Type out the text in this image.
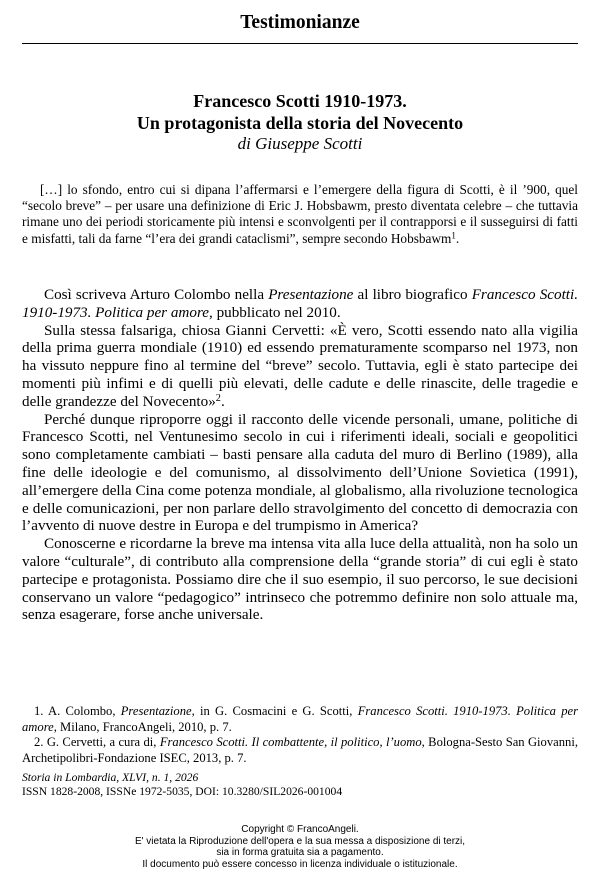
Testimonianze
Francesco Scotti 1910-1973.
Un protagonista della storia del Novecento
di Giuseppe Scotti

[…] lo sfondo, entro cui si dipana l’affermarsi e l’emergere della figura di Scotti, è il ’900, quel “secolo breve” – per usare una definizione di Eric J. Hobsbawm, presto diventata celebre – che tuttavia rimane uno dei periodi storicamente più intensi e sconvolgenti per il contrapporsi e il susseguirsi di fatti e misfatti, tali da farne “l’era dei grandi cataclismi”, sempre secondo Hobsbawm$^1$.

Così scriveva Arturo Colombo nella Presentazione al libro biografico Francesco Scotti. 1910-1973. Politica per amore, pubblicato nel 2010.

Sulla stessa falsariga, chiosa Gianni Cervetti: «È vero, Scotti essendo nato alla vigilia della prima guerra mondiale (1910) ed essendo prematuramente scomparso nel 1973, non ha vissuto neppure fino al termine del “breve” secolo. Tuttavia, egli è stato partecipe dei momenti più infimi e di quelli più elevati, delle cadute e delle rinascite, delle tragedie e delle grandezze del Novecento»$^2$.

Perché dunque riproporre oggi il racconto delle vicende personali, umane, politiche di Francesco Scotti, nel Ventunesimo secolo in cui i riferimenti ideali, sociali e geopolitici sono completamente cambiati – basti pensare alla caduta del muro di Berlino (1989), alla fine delle ideologie e del comunismo, al dissolvimento dell’Unione Sovietica (1991), all’emergere della Cina come potenza mondiale, al globalismo, alla rivoluzione tecnologica e delle comunicazioni, per non parlare dello stravolgimento del concetto di democrazia con l’avvento di nuove destre in Europa e del trumpismo in America?

Conoscerne e ricordarne la breve ma intensa vita alla luce della attualità, non ha solo un valore “culturale”, di contributo alla comprensione della “grande storia” di cui egli è stato partecipe e protagonista. Possiamo dire che il suo esempio, il suo percorso, le sue decisioni conservano un valore “pedagogico” intrinseco che potremmo definire non solo attuale ma, senza esagerare, forse anche universale.

1. A. Colombo, Presentazione, in G. Cosmacini e G. Scotti, Francesco Scotti. 1910-1973. Politica per amore, Milano, FrancoAngeli, 2010, p. 7.

2. G. Cervetti, a cura di, Francesco Scotti. Il combattente, il politico, l’uomo, Bologna-Sesto San Giovanni, Archetipolibri-Fondazione ISEC, 2013, p. 7.

Storia in Lombardia, XLVI, n. 1, 2026
ISSN 1828-2008, ISSNe 1972-5035, DOI: 10.3280/SIL2026-001004
Copyright © FrancoAngeli.
E' vietata la Riproduzione dell'opera e la sua messa a disposizione di terzi,
sia in forma gratuita sia a pagamento.
Il documento può essere concesso in licenza individuale o istituzionale.
